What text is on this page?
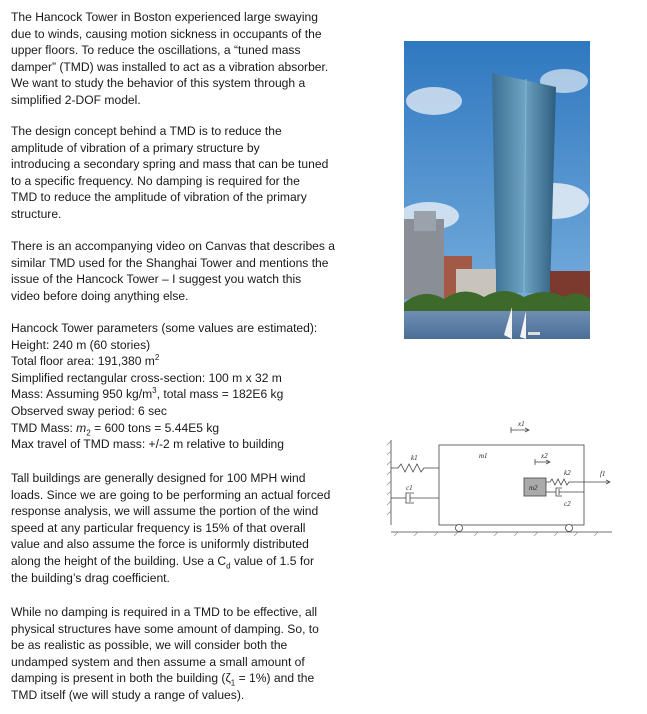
The Hancock Tower in Boston experienced large swaying
due to winds, causing motion sickness in occupants of the
upper floors. To reduce the oscillations, a “tuned mass
damper” (TMD) was installed to act as a vibration absorber.
We want to study the behavior of this system through a
simplified 2-DOF model.
The design concept behind a TMD is to reduce the
amplitude of vibration of a primary structure by
introducing a secondary spring and mass that can be tuned
to a specific frequency. No damping is required for the
TMD to reduce the amplitude of vibration of the primary
structure.
There is an accompanying video on Canvas that describes a
similar TMD used for the Shanghai Tower and mentions the
issue of the Hancock Tower – I suggest you watch this
video before doing anything else.
Hancock Tower parameters (some values are estimated):
Height: 240 m (60 stories)
Total floor area: 191,380 $m^2$
Simplified rectangular cross-section: 100 m x 32 m
Mass: Assuming 950 $kg/m^3$, total mass = 182E6 kg
Observed sway period: 6 sec
TMD Mass: $m_2 = 600$ tons = 5.44E5 kg
Max travel of TMD mass: +/-2 m relative to building
Tall buildings are generally designed for 100 MPH wind
loads. Since we are going to be performing an actual forced
response analysis, we will assume the portion of the wind
speed at any particular frequency is 15% of that overall
value and also assume the force is uniformly distributed
along the height of the building. Use a $C_d$ value of 1.5 for
the building’s drag coefficient.
While no damping is required in a TMD to be effective, all
physical structures have some amount of damping. So, to
be as realistic as possible, we will consider both the
undamped system and then assume a small amount of
damping is present in both the building $(\zeta_1 = 1\%)$ and the
TMD itself (we will study a range of values).
x1
x2
m1
m2
k1
k2
c1
c2
f1
